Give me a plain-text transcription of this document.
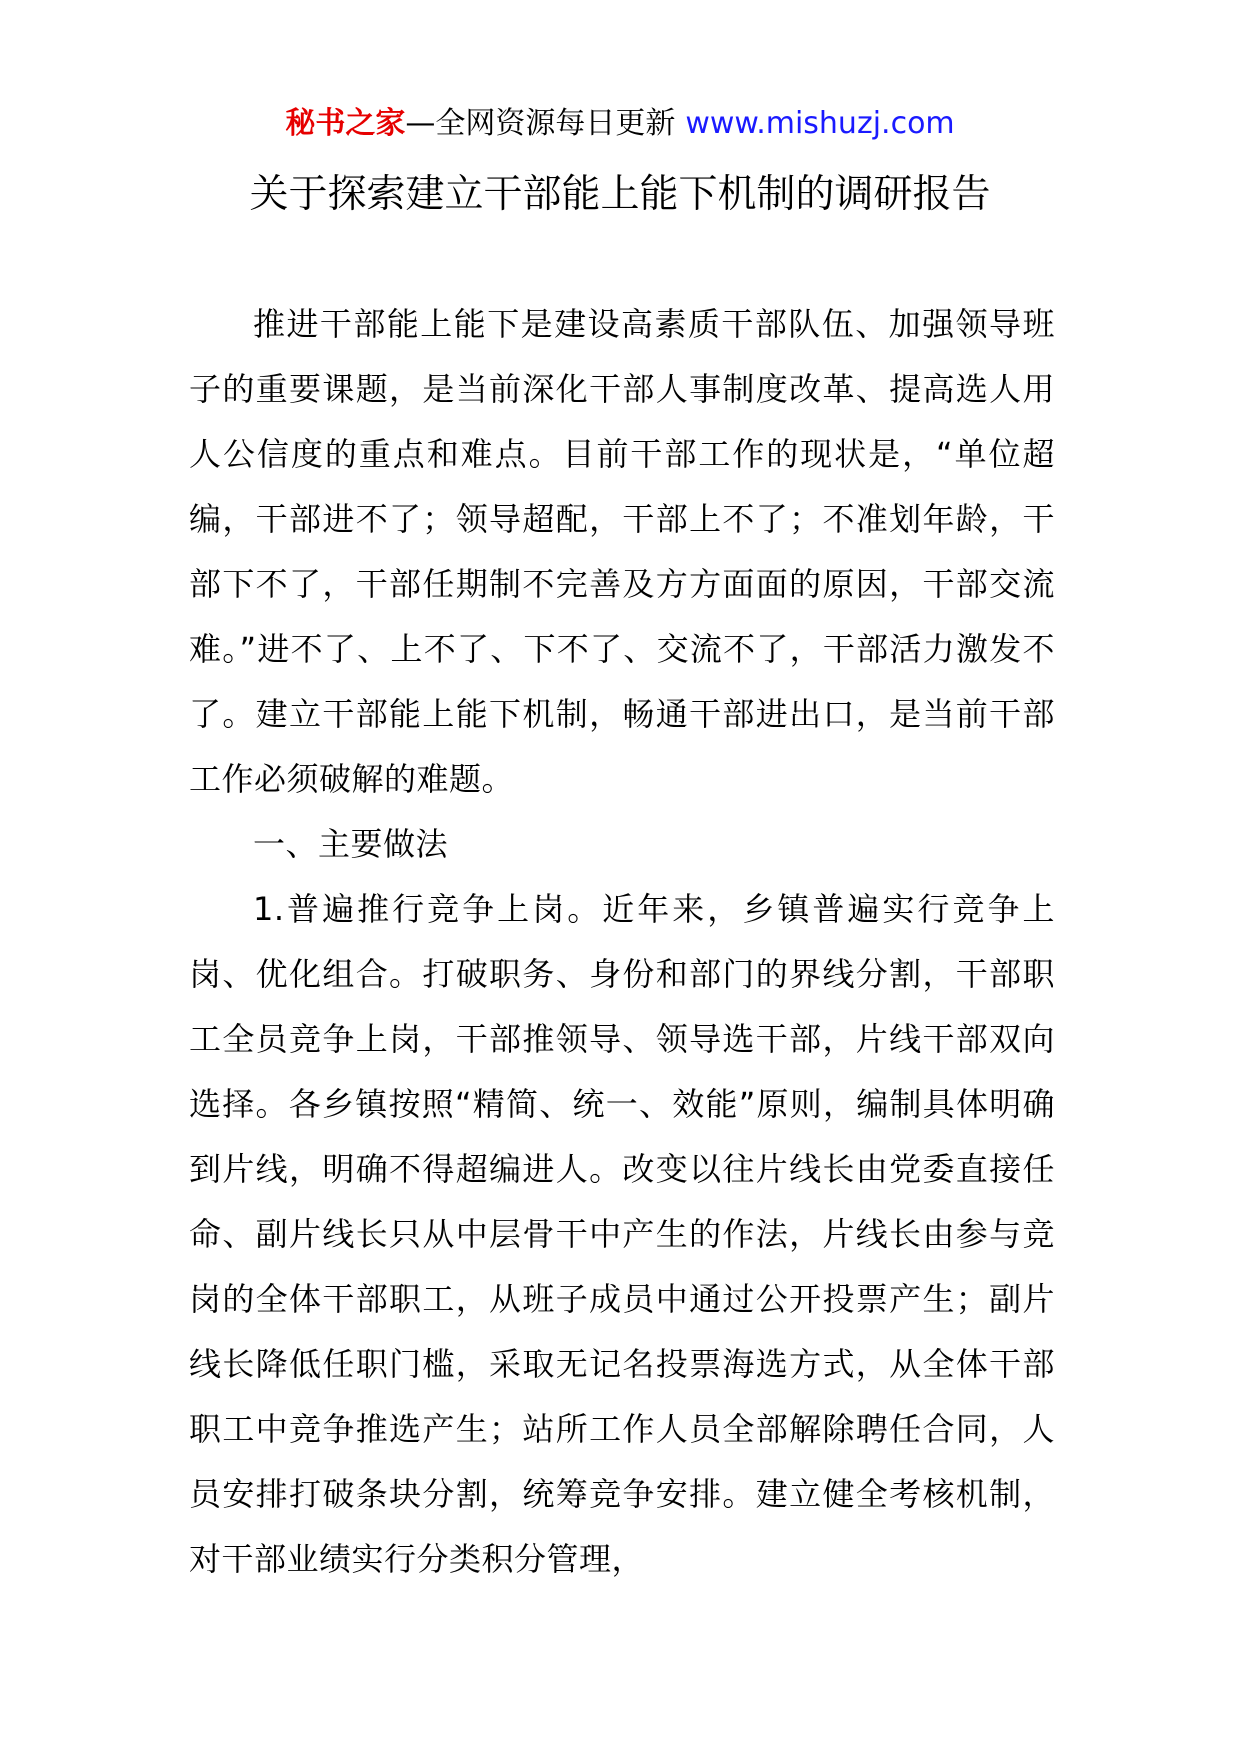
秘书之家—全网资源每日更新 www.mishuzj.com
关于探索建立干部能上能下机制的调研报告

推进干部能上能下是建设高素质干部队伍、加强领导班子的重要课题，是当前深化干部人事制度改革、提高选人用人公信度的重点和难点。目前干部工作的现状是，“单位超编，干部进不了；领导超配，干部上不了；不准划年龄，干部下不了，干部任期制不完善及方方面面的原因，干部交流难。”进不了、上不了、下不了、交流不了，干部活力激发不了。建立干部能上能下机制，畅通干部进出口，是当前干部工作必须破解的难题。

一、主要做法

1.普遍推行竞争上岗。近年来，乡镇普遍实行竞争上岗、优化组合。打破职务、身份和部门的界线分割，干部职工全员竞争上岗，干部推领导、领导选干部，片线干部双向选择。各乡镇按照“精简、统一、效能”原则，编制具体明确到片线，明确不得超编进人。改变以往片线长由党委直接任命、副片线长只从中层骨干中产生的作法，片线长由参与竞岗的全体干部职工，从班子成员中通过公开投票产生；副片线长降低任职门槛，采取无记名投票海选方式，从全体干部职工中竞争推选产生；站所工作人员全部解除聘任合同，人员安排打破条块分割，统筹竞争安排。建立健全考核机制，对干部业绩实行分类积分管理，
